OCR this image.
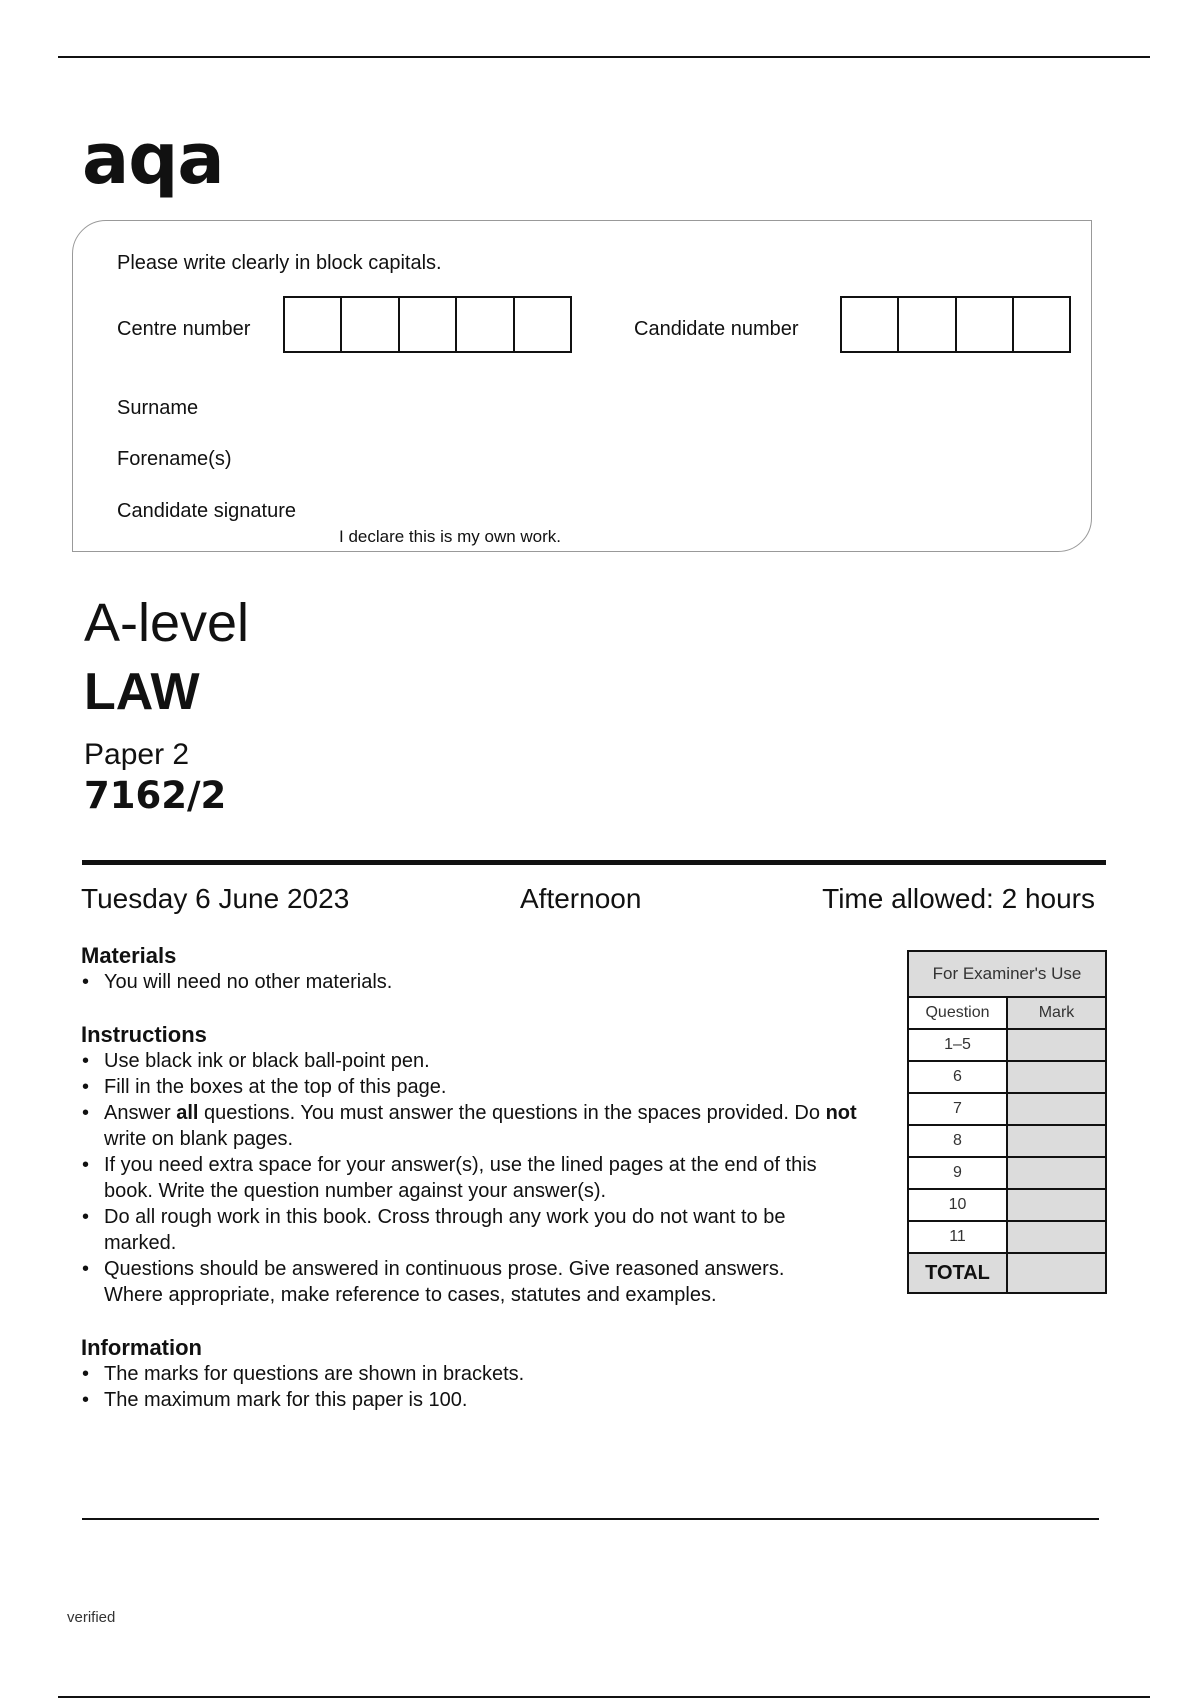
aqa
Please write clearly in block capitals.
Centre number	Candidate number
Surname
Forename(s)
Candidate signature
I declare this is my own work.
A-level
LAW
Paper 2
7162/2
Tuesday 6 June 2023	Afternoon	Time allowed: 2 hours
Materials
• You will need no other materials.
Instructions
• Use black ink or black ball-point pen.
• Fill in the boxes at the top of this page.
• Answer all questions. You must answer the questions in the spaces provided. Do not write on blank pages.
• If you need extra space for your answer(s), use the lined pages at the end of this book. Write the question number against your answer(s).
• Do all rough work in this book. Cross through any work you do not want to be marked.
• Questions should be answered in continuous prose. Give reasoned answers. Where appropriate, make reference to cases, statutes and examples.
Information
• The marks for questions are shown in brackets.
• The maximum mark for this paper is 100.
For Examiner's Use	
Question	Mark
1–5	
6	
7	
8	
9	
10	
11	
TOTAL	
verified
